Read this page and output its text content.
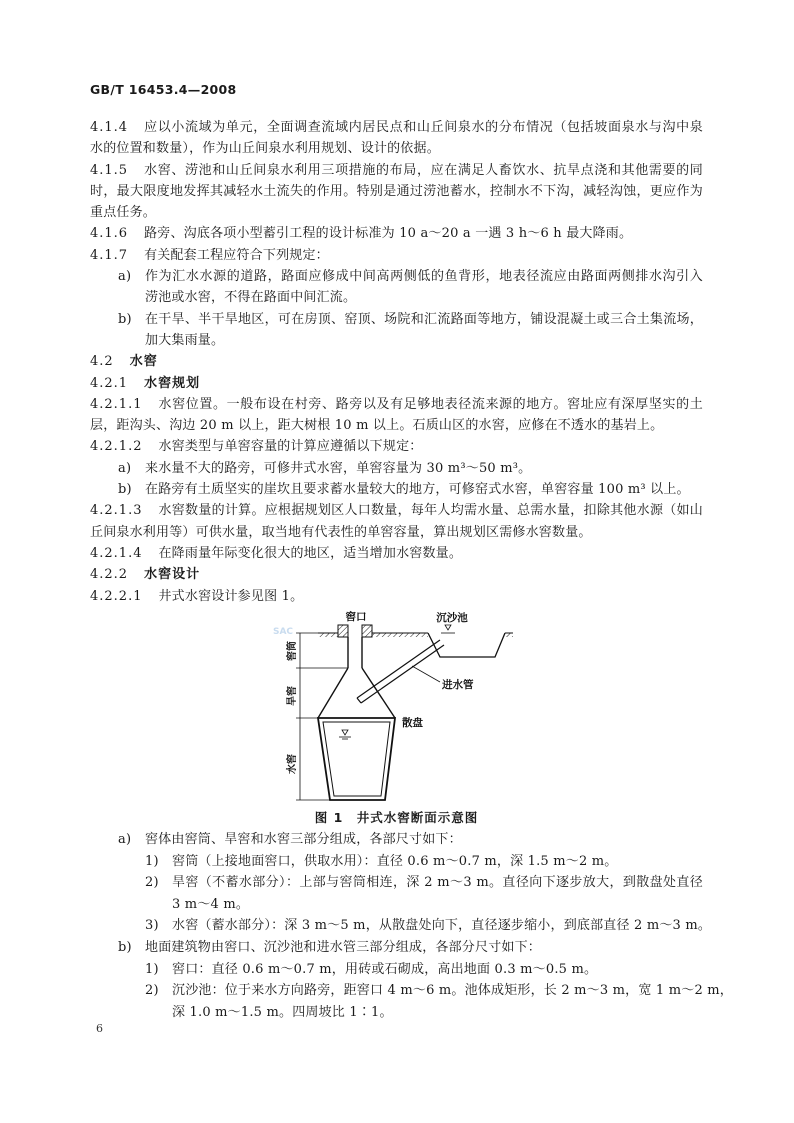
GB/T 16453.4—2008
4.1.4 应以小流域为单元，全面调查流域内居民点和山丘间泉水的分布情况（包括坡面泉水与沟中泉
水的位置和数量），作为山丘间泉水利用规划、设计的依据。
4.1.5 水窖、涝池和山丘间泉水利用三项措施的布局，应在满足人畜饮水、抗旱点浇和其他需要的同
时，最大限度地发挥其减轻水土流失的作用。特别是通过涝池蓄水，控制水不下沟，减轻沟蚀，更应作为
重点任务。
4.1.6 路旁、沟底各项小型蓄引工程的设计标准为 10 a～20 a 一遇 3 h～6 h 最大降雨。
4.1.7 有关配套工程应符合下列规定：
a)	作为汇水水源的道路，路面应修成中间高两侧低的鱼背形，地表径流应由路面两侧排水沟引入
涝池或水窖，不得在路面中间汇流。
b)	在干旱、半干旱地区，可在房顶、窑顶、场院和汇流路面等地方，铺设混凝土或三合土集流场，
加大集雨量。
4.2 水窖
4.2.1 水窖规划
4.2.1.1 水窖位置。一般布设在村旁、路旁以及有足够地表径流来源的地方。窖址应有深厚坚实的土
层，距沟头、沟边 20 m 以上，距大树根 10 m 以上。石质山区的水窖，应修在不透水的基岩上。
4.2.1.2 水窖类型与单窖容量的计算应遵循以下规定：
a)	来水量不大的路旁，可修井式水窖，单窖容量为 30 m³～50 m³。
b)	在路旁有土质坚实的崖坎且要求蓄水量较大的地方，可修窑式水窖，单窖容量 100 m³ 以上。
4.2.1.3 水窖数量的计算。应根据规划区人口数量，每年人均需水量、总需水量，扣除其他水源（如山
丘间泉水利用等）可供水量，取当地有代表性的单窖容量，算出规划区需修水窖数量。
4.2.1.4 在降雨量年际变化很大的地区，适当增加水窖数量。
4.2.2 水窖设计
4.2.2.1 井式水窖设计参见图 1。
SAC
窖筒
旱窖
水窖
窖口	沉沙池
进水管
散盘
图 1　井式水窖断面示意图
a)	窖体由窖筒、旱窖和水窖三部分组成，各部尺寸如下：
1)	窖筒（上接地面窖口，供取水用）：直径 0.6 m～0.7 m，深 1.5 m～2 m。
2)	旱窖（不蓄水部分）：上部与窖筒相连，深 2 m～3 m。直径向下逐步放大，到散盘处直径
3 m～4 m。
3)	水窖（蓄水部分）：深 3 m～5 m，从散盘处向下，直径逐步缩小，到底部直径 2 m～3 m。
b)	地面建筑物由窖口、沉沙池和进水管三部分组成，各部分尺寸如下：
1)	窖口：直径 0.6 m～0.7 m，用砖或石砌成，高出地面 0.3 m～0.5 m。
2)	沉沙池：位于来水方向路旁，距窖口 4 m～6 m。池体成矩形，长 2 m～3 m，宽 1 m～2 m，
深 1.0 m～1.5 m。四周坡比 1∶1。
6
